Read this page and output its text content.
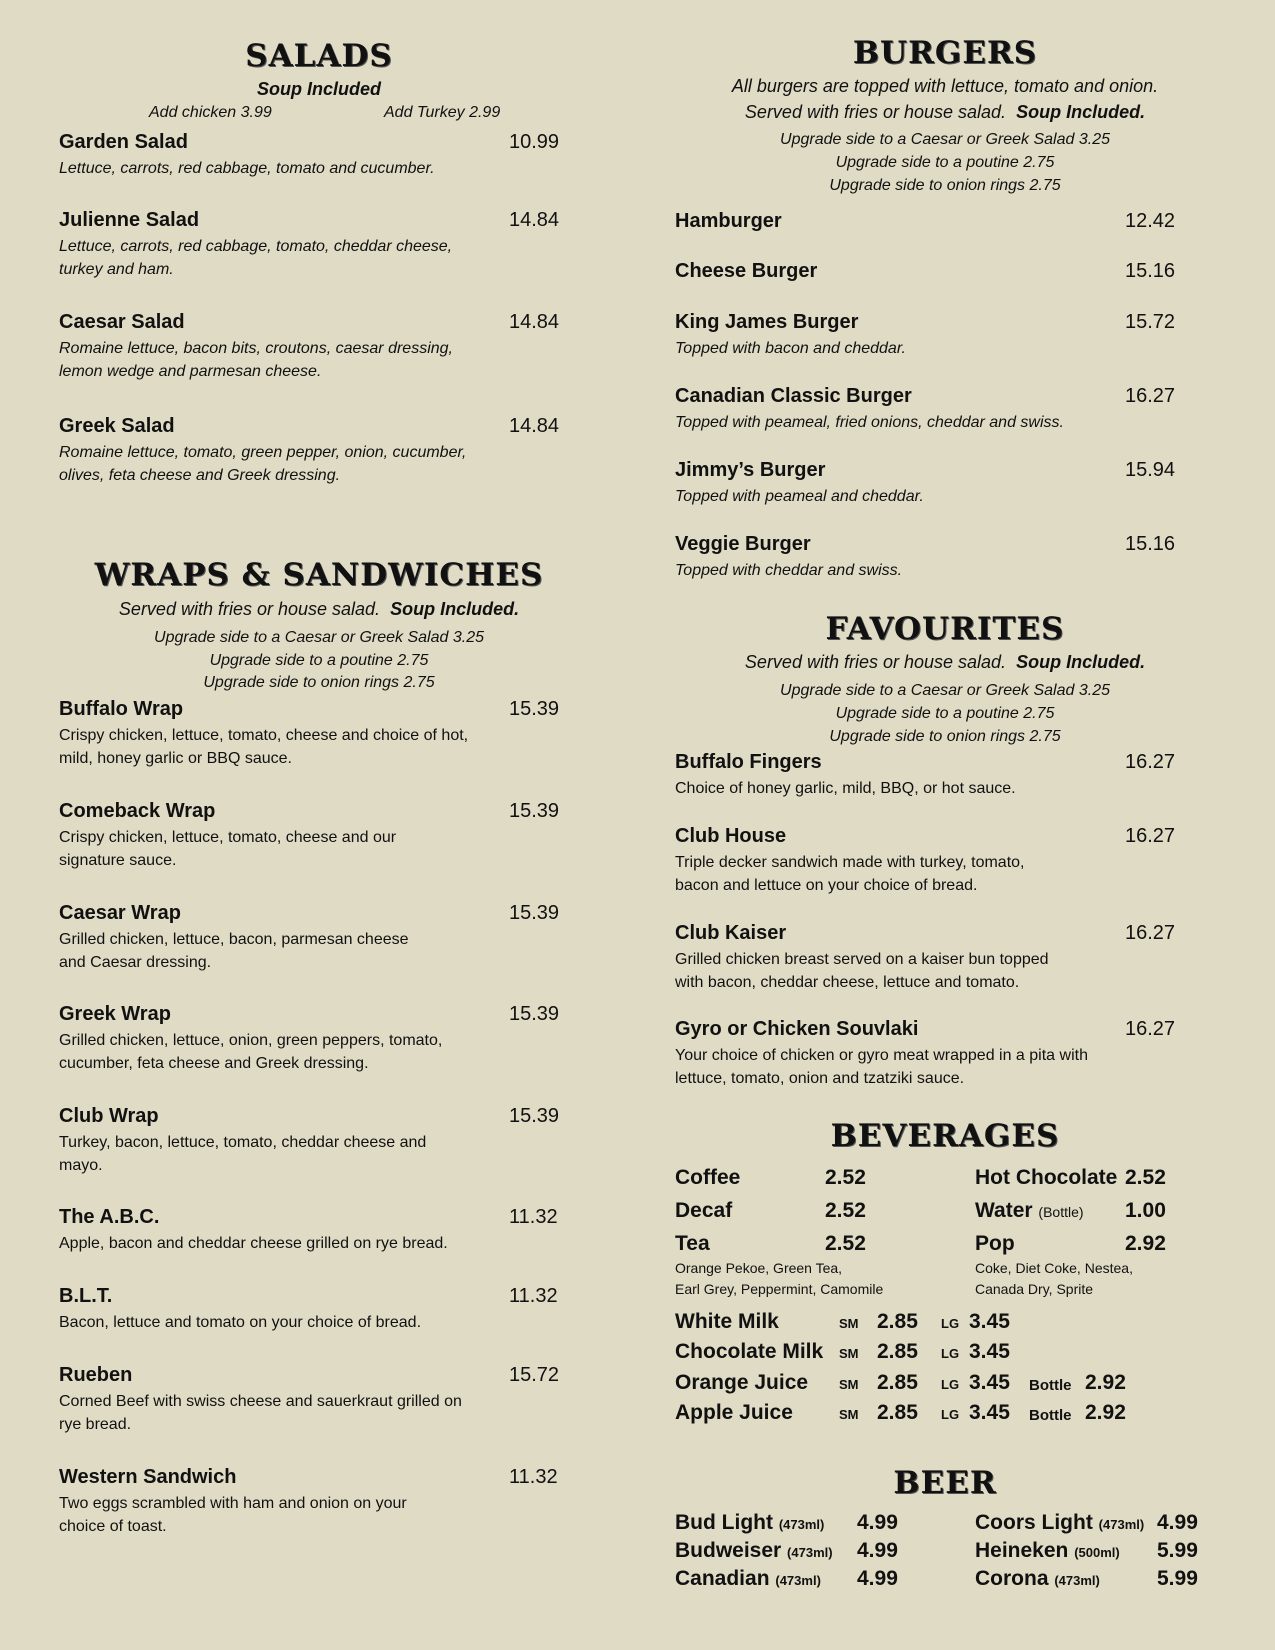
SALADS
Soup Included
Add chicken 3.99	Add Turkey 2.99
Garden Salad	10.99
Lettuce, carrots, red cabbage, tomato and cucumber.
Julienne Salad	14.84
Lettuce, carrots, red cabbage, tomato, cheddar cheese, turkey and ham.
Caesar Salad	14.84
Romaine lettuce, bacon bits, croutons, caesar dressing, lemon wedge and parmesan cheese.
Greek Salad	14.84
Romaine lettuce, tomato, green pepper, onion, cucumber, olives, feta cheese and Greek dressing.
WRAPS & SANDWICHES
Served with fries or house salad. Soup Included.
Upgrade side to a Caesar or Greek Salad 3.25
Upgrade side to a poutine 2.75
Upgrade side to onion rings 2.75
Buffalo Wrap	15.39
Crispy chicken, lettuce, tomato, cheese and choice of hot, mild, honey garlic or BBQ sauce.
Comeback Wrap	15.39
Crispy chicken, lettuce, tomato, cheese and our signature sauce.
Caesar Wrap	15.39
Grilled chicken, lettuce, bacon, parmesan cheese and Caesar dressing.
Greek Wrap	15.39
Grilled chicken, lettuce, onion, green peppers, tomato, cucumber, feta cheese and Greek dressing.
Club Wrap	15.39
Turkey, bacon, lettuce, tomato, cheddar cheese and mayo.
The A.B.C.	11.32
Apple, bacon and cheddar cheese grilled on rye bread.
B.L.T.	11.32
Bacon, lettuce and tomato on your choice of bread.
Rueben	15.72
Corned Beef with swiss cheese and sauerkraut grilled on rye bread.
Western Sandwich	11.32
Two eggs scrambled with ham and onion on your choice of toast.
BURGERS
All burgers are topped with lettuce, tomato and onion.
Served with fries or house salad. Soup Included.
Upgrade side to a Caesar or Greek Salad 3.25
Upgrade side to a poutine 2.75
Upgrade side to onion rings 2.75
Hamburger	12.42
Cheese Burger	15.16
King James Burger	15.72
Topped with bacon and cheddar.
Canadian Classic Burger	16.27
Topped with peameal, fried onions, cheddar and swiss.
Jimmy’s Burger	15.94
Topped with peameal and cheddar.
Veggie Burger	15.16
Topped with cheddar and swiss.
FAVOURITES
Served with fries or house salad. Soup Included.
Upgrade side to a Caesar or Greek Salad 3.25
Upgrade side to a poutine 2.75
Upgrade side to onion rings 2.75
Buffalo Fingers	16.27
Choice of honey garlic, mild, BBQ, or hot sauce.
Club House	16.27
Triple decker sandwich made with turkey, tomato, bacon and lettuce on your choice of bread.
Club Kaiser	16.27
Grilled chicken breast served on a kaiser bun topped with bacon, cheddar cheese, lettuce and tomato.
Gyro or Chicken Souvlaki	16.27
Your choice of chicken or gyro meat wrapped in a pita with lettuce, tomato, onion and tzatziki sauce.
BEVERAGES
Coffee	2.52
Decaf	2.52
Tea	2.52
Orange Pekoe, Green Tea,
Earl Grey, Peppermint, Camomile
Hot Chocolate 2.52
Water (Bottle) 1.00
Pop	2.92
Coke, Diet Coke, Nestea,
Canada Dry, Sprite
White Milk	SM 2.85 LG 3.45
Chocolate Milk SM 2.85 LG 3.45
Orange Juice SM 2.85 LG 3.45 Bottle 2.92
Apple Juice	SM 2.85 LG 3.45 Bottle 2.92
BEER
Bud Light (473ml) 4.99
Budweiser (473ml) 4.99
Canadian (473ml) 4.99
Coors Light (473ml) 4.99
Heineken (500ml) 5.99
Corona (473ml)	5.99
